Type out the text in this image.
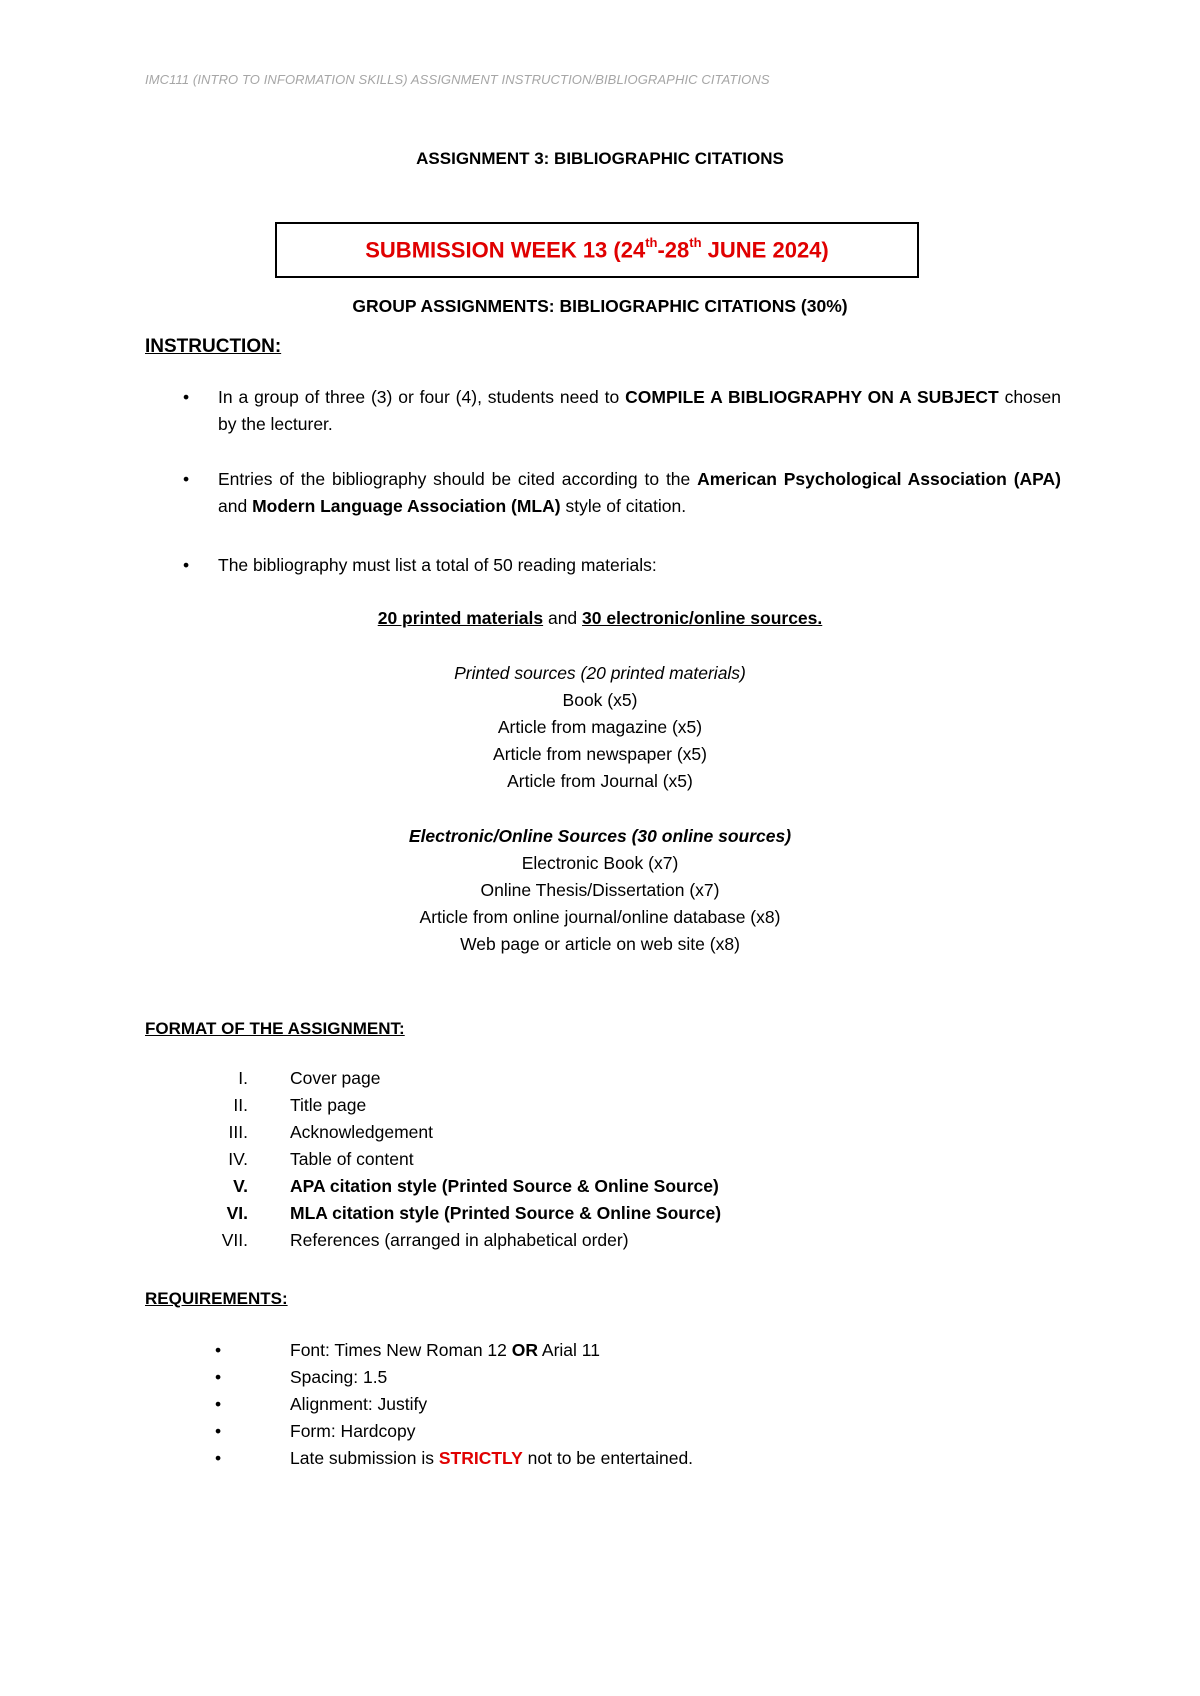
IMC111 (INTRO TO INFORMATION SKILLS) ASSIGNMENT INSTRUCTION/BIBLIOGRAPHIC CITATIONS
ASSIGNMENT 3: BIBLIOGRAPHIC CITATIONS
SUBMISSION WEEK 13 (24th-28th JUNE 2024)
GROUP ASSIGNMENTS: BIBLIOGRAPHIC CITATIONS (30%)
INSTRUCTION:
• In a group of three (3) or four (4), students need to COMPILE A BIBLIOGRAPHY ON A SUBJECT chosen by the lecturer.
• Entries of the bibliography should be cited according to the American Psychological Association (APA) and Modern Language Association (MLA) style of citation.
• The bibliography must list a total of 50 reading materials:
20 printed materials and 30 electronic/online sources.
Printed sources (20 printed materials)
Book (x5)
Article from magazine (x5)
Article from newspaper (x5)
Article from Journal (x5)
Electronic/Online Sources (30 online sources)
Electronic Book (x7)
Online Thesis/Dissertation (x7)
Article from online journal/online database (x8)
Web page or article on web site (x8)
FORMAT OF THE ASSIGNMENT:
I. Cover page
II. Title page
III. Acknowledgement
IV. Table of content
V. APA citation style (Printed Source & Online Source)
VI. MLA citation style (Printed Source & Online Source)
VII. References (arranged in alphabetical order)
REQUIREMENTS:
•	Font: Times New Roman 12 OR Arial 11
•	Spacing: 1.5
•	Alignment: Justify
•	Form: Hardcopy
•	Late submission is STRICTLY not to be entertained.
